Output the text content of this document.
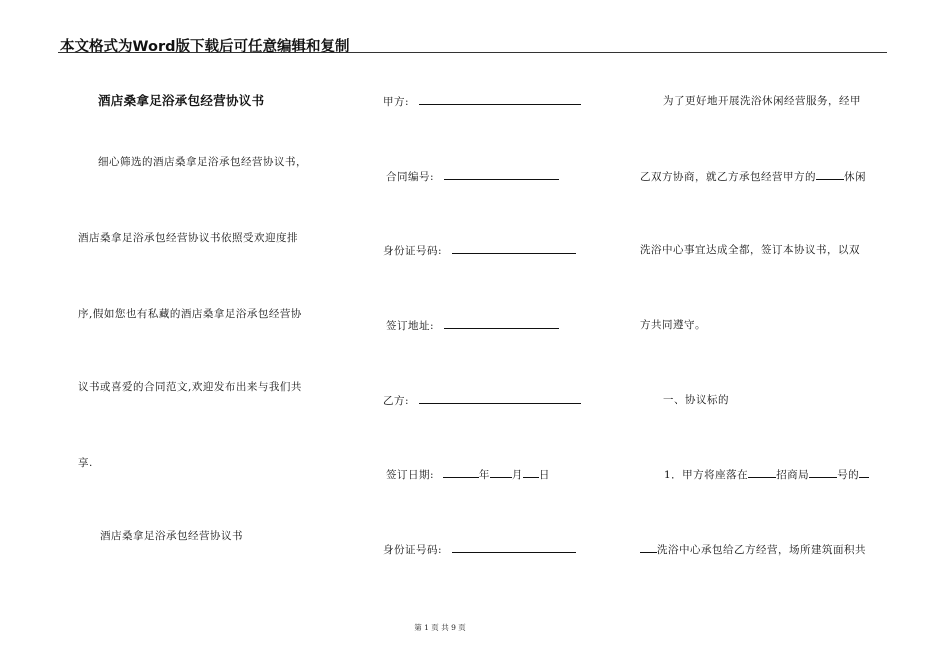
本文格式为Word版下载后可任意编辑和复制
酒店桑拿足浴承包经营协议书
细心筛选的酒店桑拿足浴承包经营协议书，
酒店桑拿足浴承包经营协议书依照受欢迎度排
序,假如您也有私藏的酒店桑拿足浴承包经营协
议书或喜爱的合同范文,欢迎发布出来与我们共
享.
酒店桑拿足浴承包经营协议书
甲方:
合同编号:
身份证号码:
签订地址:
乙方:
签订日期:	年 月 日
身份证号码:
为了更好地开展洗浴休闲经营服务，经甲
乙双方协商，就乙方承包经营甲方的	休闲
洗浴中心事宜达成全都，签订本协议书，以双
方共同遵守。
一、协议标的
1．甲方将座落在	招商局	号的
洗浴中心承包给乙方经营，场所建筑面积共
第 1 页 共 9 页
